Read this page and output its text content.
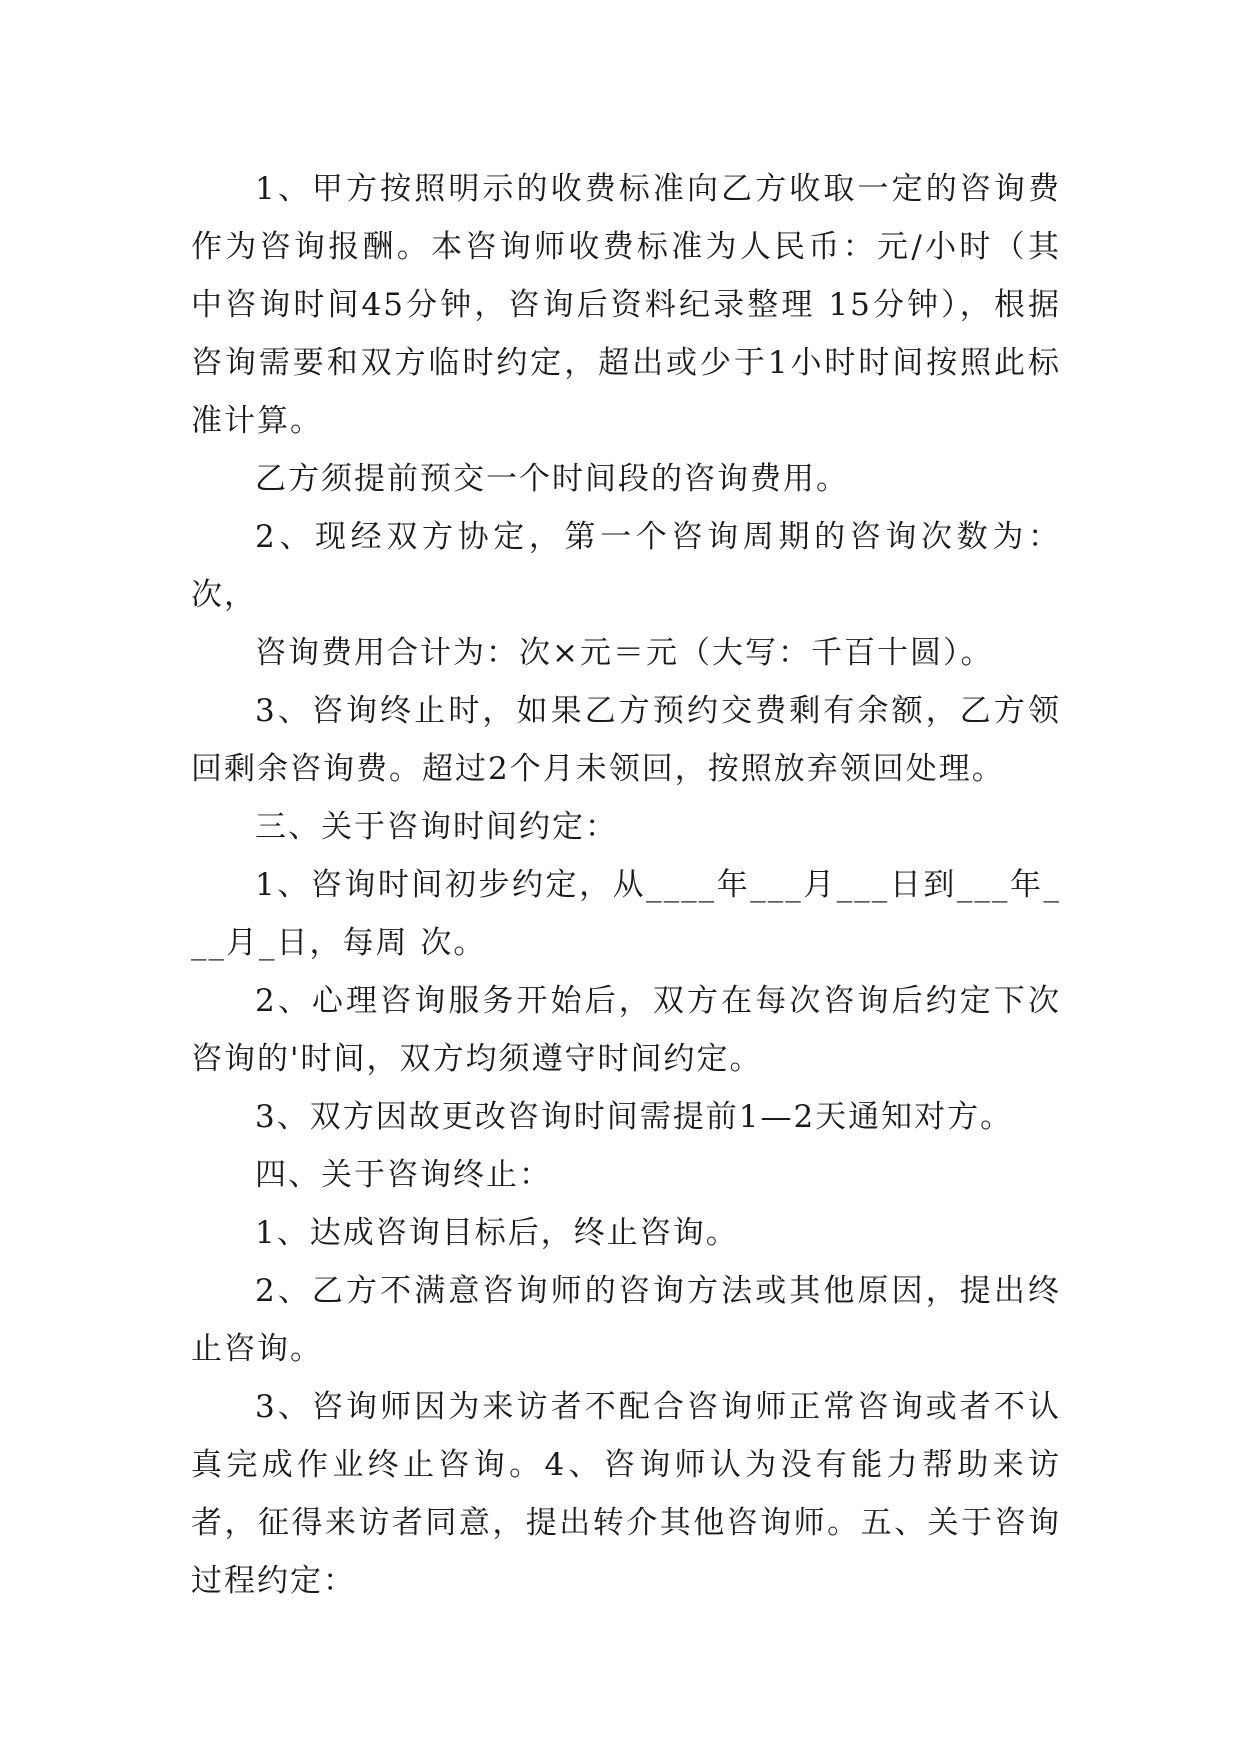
1、甲方按照明示的收费标准向乙方收取一定的咨询费作为咨询报酬。本咨询师收费标准为人民币：元/小时（其中咨询时间45分钟，咨询后资料纪录整理 15分钟），根据咨询需要和双方临时约定，超出或少于1小时时间按照此标准计算。

乙方须提前预交一个时间段的咨询费用。

2、现经双方协定，第一个咨询周期的咨询次数为：次，

咨询费用合计为：次×元＝元（大写：千百十圆）。

3、咨询终止时，如果乙方预约交费剩有余额，乙方领回剩余咨询费。超过2个月未领回，按照放弃领回处理。

三、关于咨询时间约定：

1、咨询时间初步约定，从____年___月___日到___年___月_日，每周 次。

2、心理咨询服务开始后，双方在每次咨询后约定下次咨询的'时间，双方均须遵守时间约定。

3、双方因故更改咨询时间需提前1—2天通知对方。

四、关于咨询终止：

1、达成咨询目标后，终止咨询。

2、乙方不满意咨询师的咨询方法或其他原因，提出终止咨询。

3、咨询师因为来访者不配合咨询师正常咨询或者不认真完成作业终止咨询。4、咨询师认为没有能力帮助来访者，征得来访者同意，提出转介其他咨询师。五、关于咨询过程约定：
